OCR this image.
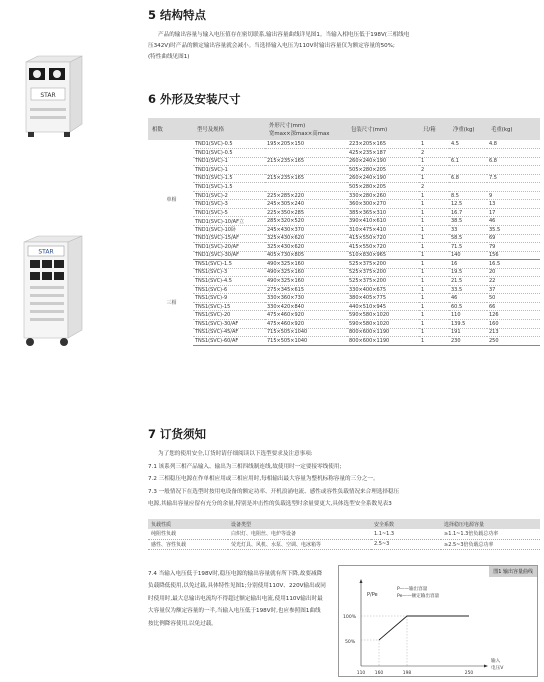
STAR
STAR
5 结构特点
产品的输出容量与输入电压值存在密切联系,输出容量曲线详见图1。当输入相电压低于198V(三相线电
压342V)时产品的额定输出容量就会减小。当选择输入电压为110V时输出容量仅为额定容量的50%;
(特性曲线见图1)
6 外形及安装尺寸
相数	型号及规格	外形尺寸(mm)
宽max×深max×高max	包装尺寸(mm)	只/箱	净重(kg)	毛重(kg)
单相	TND1(SVC)-0.5	195×205×150	223×205×165	1	4.5	4.8
	TND1(SVC)-0.5		425×235×187	2		
	TND1(SVC)-1	215×235×165	260×240×190	1	6.1	6.8
	TND1(SVC)-1		505×280×205	2		
	TND1(SVC)-1.5	215×235×165	260×240×190	1	6.8	7.5
	TND1(SVC)-1.5		505×280×205	2		
	TND1(SVC)-2	225×285×220	330×280×260	1	8.5	9
	TND1(SVC)-3	245×305×240	360×300×270	1	12.5	13
	TND1(SVC)-5	225×350×285	385×365×310	1	16.7	17
	TND1(SVC)-10/AF立	285×320×520	390×410×610	1	38.5	46
	TND1(SVC)-10卧	245×430×370	310×475×410	1	33	35.5
	TND1(SVC)-15/AF	325×430×620	415×550×720	1	58.5	69
	TND1(SVC)-20/AF	325×430×620	415×550×720	1	71.5	79
	TND1(SVC)-30/AF	405×730×805	510×830×965	1	140	156
三相	TNS1(SVC)-1.5	490×325×160	525×375×200	1	16	16.5
	TNS1(SVC)-3	490×325×160	525×375×200	1	19.5	20
	TNS1(SVC)-4.5	490×325×160	525×375×200	1	21.5	22
	TNS1(SVC)-6	275×345×615	330×400×675	1	33.5	37
	TNS1(SVC)-9	330×360×730	380×405×775	1	46	50
	TNS1(SVC)-15	330×420×840	440×510×945	1	60.5	66
	TNS1(SVC)-20	475×460×920	590×580×1020	1	110	126
	TNS1(SVC)-30/AF	475×460×920	590×580×1020	1	139.5	160
	TNS1(SVC)-45/AF	715×505×1040	800×600×1190	1	191	213
	TNS1(SVC)-60/AF	715×505×1040	800×600×1190	1	230	250
7 订货须知
为了您的使用安全,订货时请仔细阅读以下选型要求及注意事项:
7.1 该系列三相产品输入、输出为三相四线制连线,故使用时一定要接零线使用;
7.2 三相稳压电源在作单相应用或三相应用时,每相输出最大容量为整机标称容量的三分之一。
7.3 一般情况下在选型时按用电设备的额定功率、开机浪涌电流、感性或容性负载情况来合理选择稳压
电源,其输出容量应留有充分的余量,特别是冲击性的负载选型时余量要更大,具体选型安全系数见表3
负载性质	设备类型	安全系数	选择稳压电源容量
纯阻性负载	白炽灯、电阻丝、电炉等设备	1.1~1.3	≥1.1~1.3倍负载总功率
感性、容性负载	荧光灯具、风机、水泵、空调、电冰箱等	2.5~3	≥2.5~3倍负载总功率
7.4 当输入电压低于198V时,稳压电源的输出容量就有所下降,故要减降负载降低使用,以免过载,具体特性见图1;分别使用110V、220V输出或同时使用时,最大总输出电流均不得超过额定输出电流,使用110V输出时最大容量仅为额定容量的一半,当输入电压低于198V时,也应参照图1曲线按比例降容使用,以免过载。
图1 输出容量曲线
P/Pe
P——输出容量
Pe——额定输出容量
100%
50%
110 160	198	250
输入
电压V
